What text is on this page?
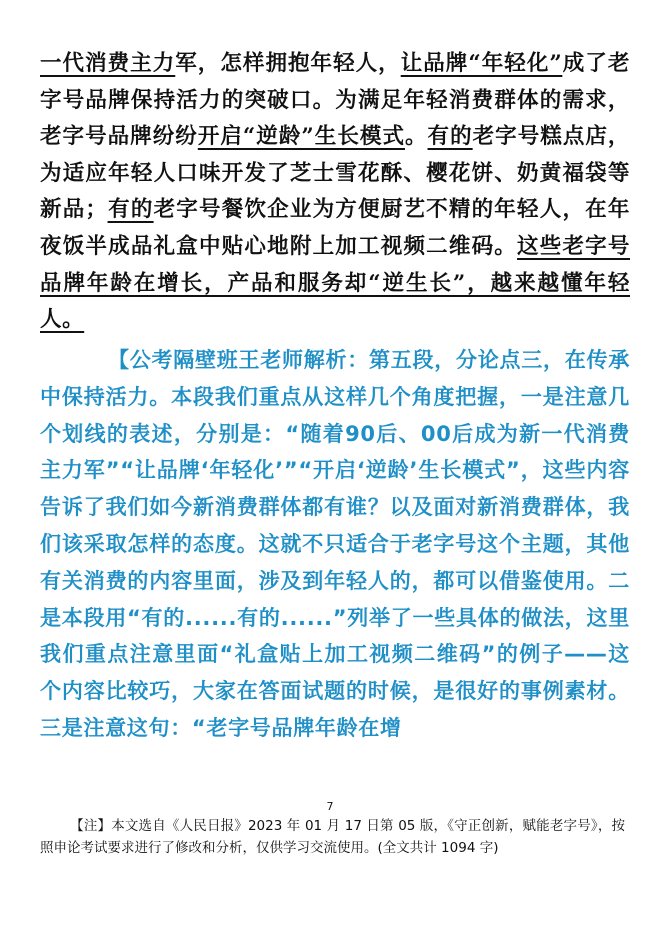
一代消费主力军，怎样拥抱年轻人，让品牌“年轻化”成了老字号品牌保持活力的突破口。为满足年轻消费群体的需求，老字号品牌纷纷开启“逆龄”生长模式。有的老字号糕点店，为适应年轻人口味开发了芝士雪花酥、樱花饼、奶黄福袋等新品；有的老字号餐饮企业为方便厨艺不精的年轻人，在年夜饭半成品礼盒中贴心地附上加工视频二维码。这些老字号品牌年龄在增长，产品和服务却“逆生长”，越来越懂年轻人。
【公考隔壁班王老师解析：第五段，分论点三，在传承中保持活力。本段我们重点从这样几个角度把握，一是注意几个划线的表述，分别是：“随着90后、00后成为新一代消费主力军”“让品牌‘年轻化’”“开启‘逆龄’生长模式”，这些内容告诉了我们如今新消费群体都有谁？以及面对新消费群体，我们该采取怎样的态度。这就不只适合于老字号这个主题，其他有关消费的内容里面，涉及到年轻人的，都可以借鉴使用。二是本段用“有的......有的......”列举了一些具体的做法，这里我们重点注意里面“礼盒贴上加工视频二维码”的例子——这个内容比较巧，大家在答面试题的时候，是很好的事例素材。三是注意这句：“老字号品牌年龄在增
7
【注】本文选自《人民日报》2023 年 01 月 17 日第 05 版，《守正创新，赋能老字号》，按照申论考试要求进行了修改和分析，仅供学习交流使用。(全文共计 1094 字)
